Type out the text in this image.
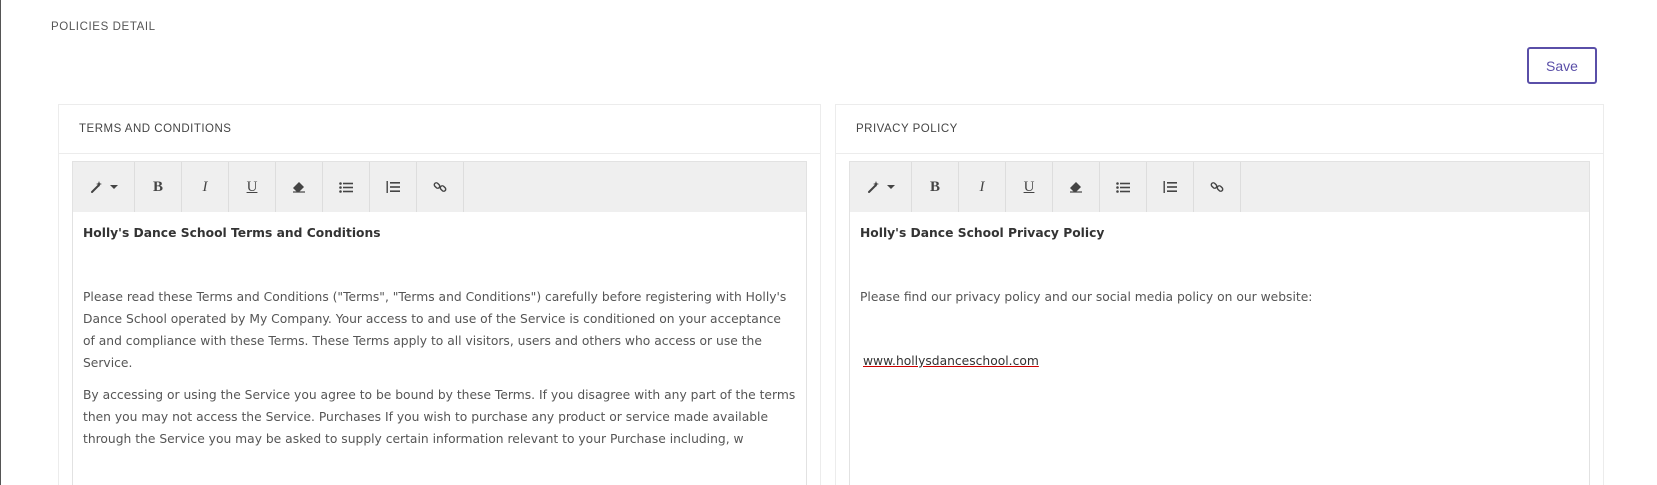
POLICIES DETAIL
Save
TERMS AND CONDITIONS
B	I	U

Holly's Dance School Terms and Conditions

Please read these Terms and Conditions ("Terms", "Terms and Conditions") carefully before registering with Holly's Dance School operated by My Company. Your access to and use of the Service is conditioned on your acceptance of and compliance with these Terms. These Terms apply to all visitors, users and others who access or use the Service.

By accessing or using the Service you agree to be bound by these Terms. If you disagree with any part of the terms then you may not access the Service. Purchases If you wish to purchase any product or service made available through the Service you may be asked to supply certain information relevant to your Purchase including, w

PRIVACY POLICY
B	I	U

Holly's Dance School Privacy Policy

Please find our privacy policy and our social media policy on our website:

www.hollysdanceschool.com
